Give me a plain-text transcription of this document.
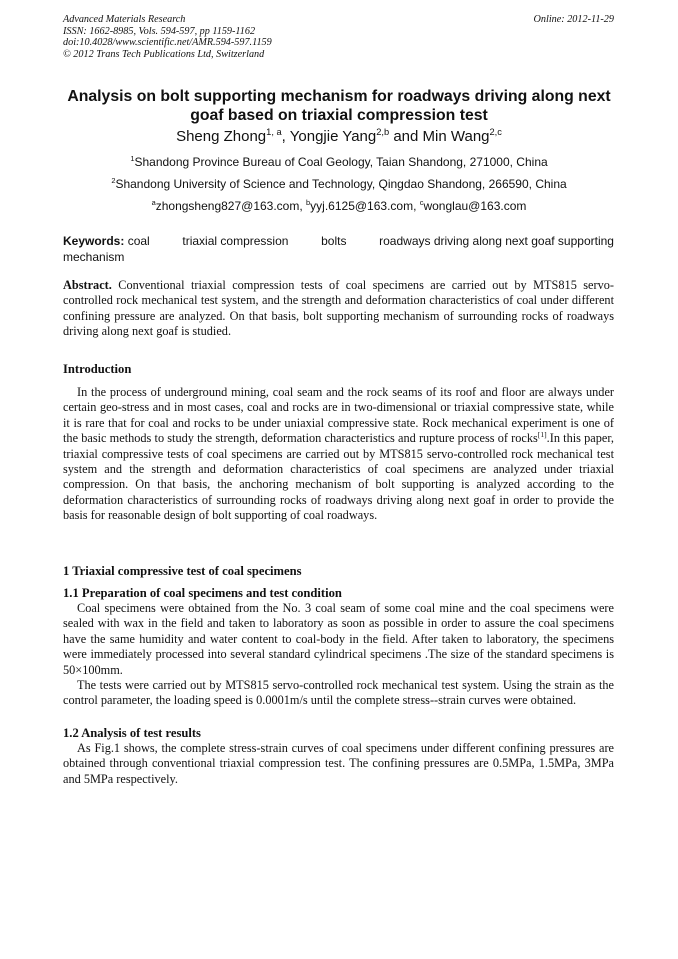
Advanced Materials Research
ISSN: 1662-8985, Vols. 594-597, pp 1159-1162
doi:10.4028/www.scientific.net/AMR.594-597.1159
© 2012 Trans Tech Publications Ltd, Switzerland
Online: 2012-11-29
Analysis on bolt supporting mechanism for roadways driving along next goaf based on triaxial compression test
Sheng Zhong$^{1, a}$, Yongjie Yang$^{2,b}$ and Min Wang$^{2,c}$
$^1$Shandong Province Bureau of Coal Geology, Taian Shandong, 271000, China
$^2$Shandong University of Science and Technology, Qingdao Shandong, 266590, China
$^a$zhongsheng827@163.com, $^b$yyj.6125@163.com, $^c$wonglau@163.com
Keywords: coal	triaxial compression	bolts	roadways driving along next goaf supporting
mechanism

Abstract. Conventional triaxial compression tests of coal specimens are carried out by MTS815 servo-controlled rock mechanical test system, and the strength and deformation characteristics of coal under different confining pressure are analyzed. On that basis, bolt supporting mechanism of surrounding rocks of roadways driving along next goaf is studied.

Introduction

In the process of underground mining, coal seam and the rock seams of its roof and floor are always under certain geo-stress and in most cases, coal and rocks are in two-dimensional or triaxial compressive state, while it is rare that for coal and rocks to be under uniaxial compressive state. Rock mechanical experiment is one of the basic methods to study the strength, deformation characteristics and rupture process of rocks[1].In this paper, triaxial compressive tests of coal specimens are carried out by MTS815 servo-controlled rock mechanical test system and the strength and deformation characteristics of coal specimens are analyzed under triaxial compression. On that basis, the anchoring mechanism of bolt supporting is analyzed according to the deformation characteristics of surrounding rocks of roadways driving along next goaf in order to provide the basis for reasonable design of bolt supporting of coal roadways.

1 Triaxial compressive test of coal specimens
1.1 Preparation of coal specimens and test condition

Coal specimens were obtained from the No. 3 coal seam of some coal mine and the coal specimens were sealed with wax in the field and taken to laboratory as soon as possible in order to assure the coal specimens have the same humidity and water content to coal-body in the field. After taken to laboratory, the specimens were immediately processed into several standard cylindrical specimens .The size of the standard specimens is 50×100mm.

The tests were carried out by MTS815 servo-controlled rock mechanical test system. Using the strain as the control parameter, the loading speed is 0.0001m/s until the complete stress--strain curves were obtained.

1.2 Analysis of test results

As Fig.1 shows, the complete stress-strain curves of coal specimens under different confining pressures are obtained through conventional triaxial compression test. The confining pressures are 0.5MPa, 1.5MPa, 3MPa and 5MPa respectively.
